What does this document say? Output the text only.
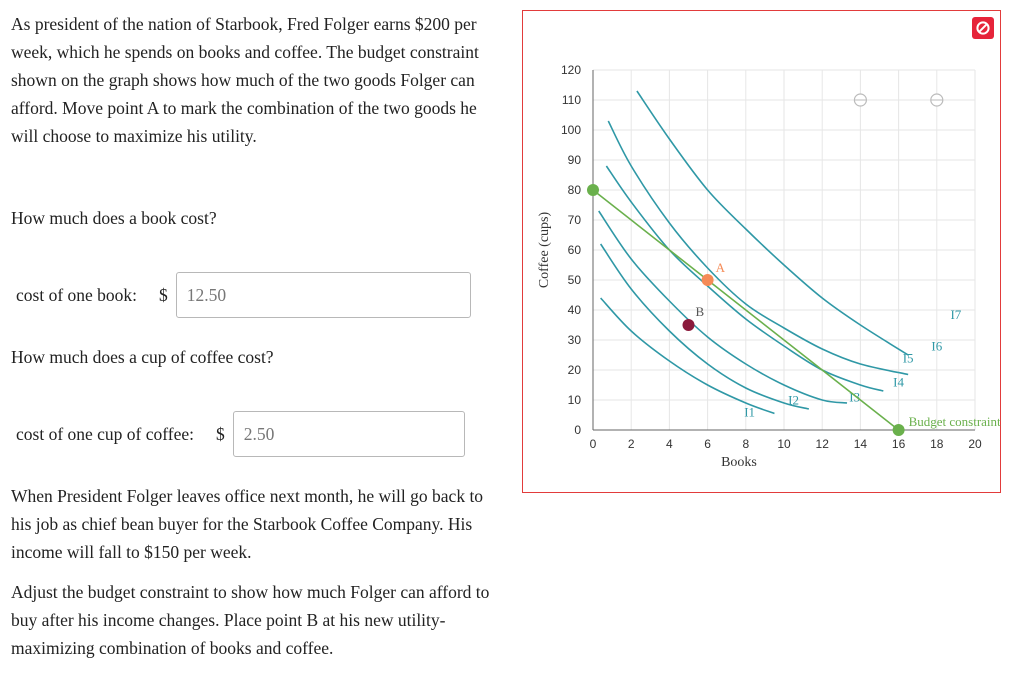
As president of the nation of Starbook, Fred Folger earns $200 per week, which he spends on books and coffee. The budget constraint shown on the graph shows how much of the two goods Folger can afford. Move point A to mark the combination of the two goods he will choose to maximize his utility.

How much does a book cost?

cost of one book: $
12.50

How much does a cup of coffee cost?

cost of one cup of coffee: $
2.50

When President Folger leaves office next month, he will go back to his job as chief bean buyer for the Starbook Coffee Company. His income will fall to $150 per week.

Adjust the budget constraint to show how much Folger can afford to buy after his income changes. Place point B at his new utility-maximizing combination of books and coffee.

0	2	4	6	8 10 12 14 16 18 20
0
10
20
30
40
50
60
70
80
90
100
110
120
Books
Coffee (cups)
I1
I2	I3
I4
I5
I6
I7
Budget constraint
A
B
